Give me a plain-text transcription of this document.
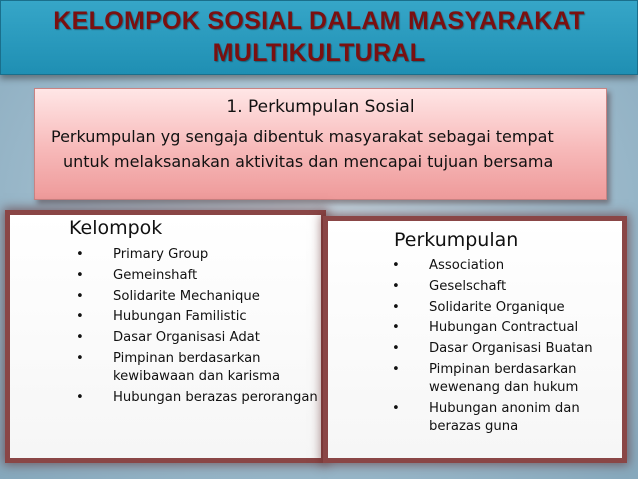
KELOMPOK SOSIAL DALAM MASYARAKAT
MULTIKULTURAL
1. Perkumpulan Sosial
Perkumpulan yg sengaja dibentuk masyarakat sebagai tempat
untuk melaksanakan aktivitas dan mencapai tujuan bersama
Kelompok
•	Primary Group
•	Gemeinshaft
•	Solidarite Mechanique
•	Hubungan Familistic
•	Dasar Organisasi Adat
•	Pimpinan berdasarkan kewibawaan dan karisma
•	Hubungan berazas perorangan
Perkumpulan
•	Association
•	Geselschaft
•	Solidarite Organique
•	Hubungan Contractual
•	Dasar Organisasi Buatan
•	Pimpinan berdasarkan wewenang dan hukum
•	Hubungan anonim dan berazas guna
